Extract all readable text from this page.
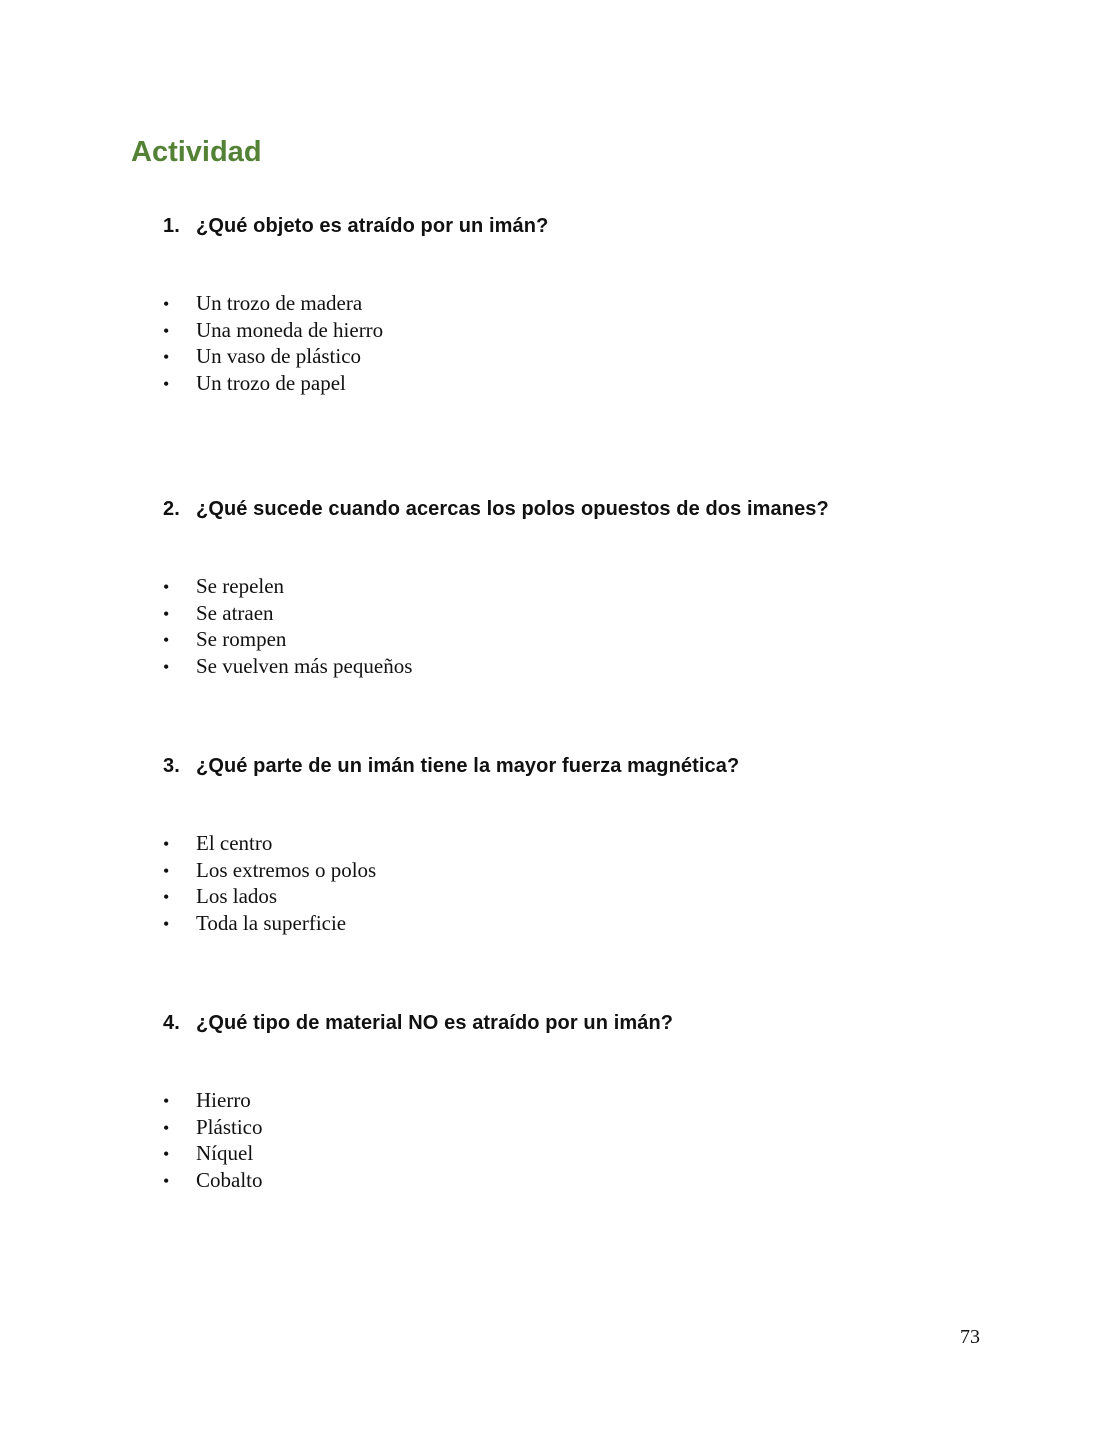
Actividad

1. ¿Qué objeto es atraído por un imán?

• Un trozo de madera
• Una moneda de hierro
• Un vaso de plástico
• Un trozo de papel

2. ¿Qué sucede cuando acercas los polos opuestos de dos imanes?

• Se repelen
• Se atraen
• Se rompen
• Se vuelven más pequeños

3. ¿Qué parte de un imán tiene la mayor fuerza magnética?

• El centro
• Los extremos o polos
• Los lados
• Toda la superficie

4. ¿Qué tipo de material NO es atraído por un imán?

• Hierro
• Plástico
• Níquel
• Cobalto
73
